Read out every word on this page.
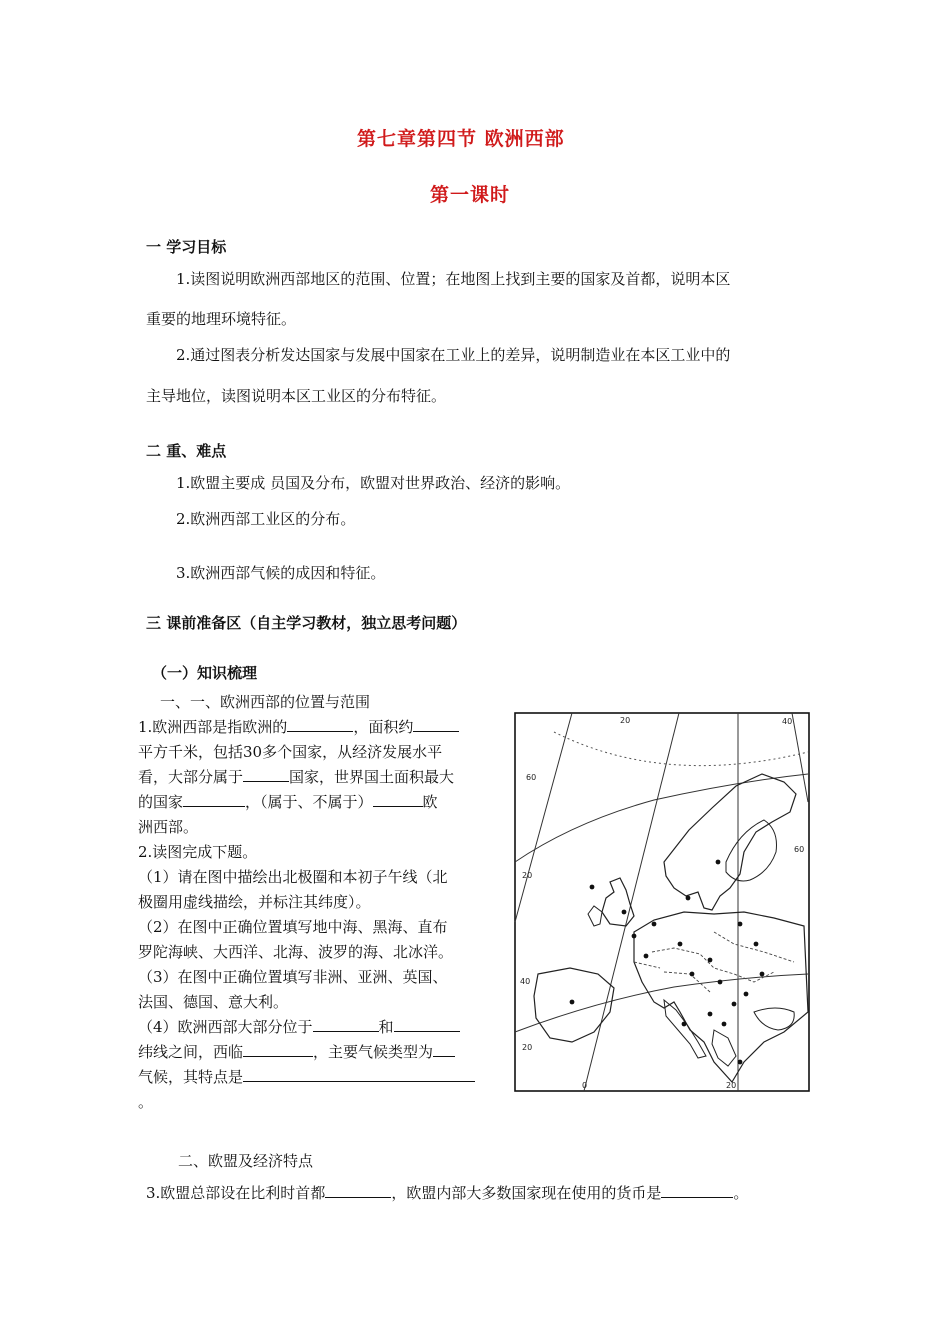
第七章第四节 欧洲西部
第一课时
一 学习目标
1.读图说明欧洲西部地区的范围、位置；在地图上找到主要的国家及首都，说明本区
重要的地理环境特征。
2.通过图表分析发达国家与发展中国家在工业上的差异，说明制造业在本区工业中的
主导地位，读图说明本区工业区的分布特征。
二 重、难点
1.欧盟主要成 员国及分布，欧盟对世界政治、经济的影响。
2.欧洲西部工业区的分布。
3.欧洲西部气候的成因和特征。
三 课前准备区（自主学习教材，独立思考问题）
（一）知识梳理
一、一、欧洲西部的位置与范围
1.欧洲西部是指欧洲的	，面积约
平方千米，包括30多个国家，从经济发展水平
看，大部分属于	国家，世界国土面积最大
的国家	，（属于、不属于）	欧
洲西部。
2.读图完成下题。
（1）请在图中描绘出北极圈和本初子午线（北
极圈用虚线描绘，并标注其纬度）。
（2）在图中正确位置填写地中海、黑海、直布
罗陀海峡、大西洋、北海、波罗的海、北冰洋。
（3）在图中正确位置填写非洲、亚洲、英国、
法国、德国、意大利。
（4）欧洲西部大部分位于	和
纬线之间，西临	，主要气候类型为
气候，其特点是
。
20	40
20
60
60
20
40
20
0
二、欧盟及经济特点
3.欧盟总部设在比利时首都	，欧盟内部大多数国家现在使用的货币是	。
